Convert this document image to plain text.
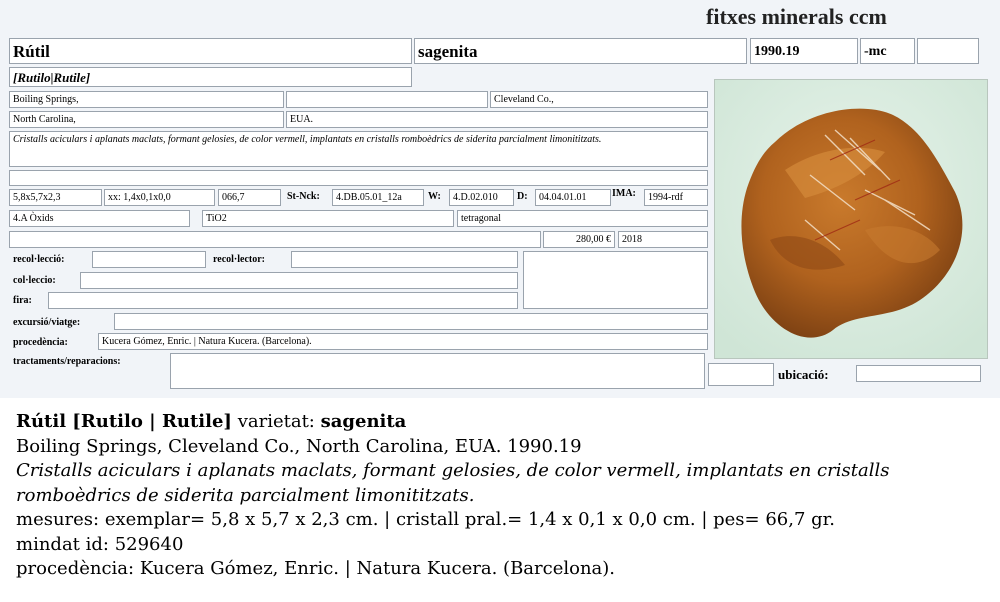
fitxes minerals ccm
Rútil	sagenita	1990.19	-mc
[Rutilo|Rutile]
Boiling Springs,	Cleveland Co.,
North Carolina,	EUA.
Cristalls aciculars i aplanats maclats, formant gelosies, de color vermell, implantats en cristalls romboèdrics de siderita parcialment limonititzats.
5,8x5,7x2,3	xx: 1,4x0,1x0,0	066,7	St-Nck:	4.DB.05.01_12a	W:	4.D.02.010	D:	04.04.01.01	IMA:	1994-rdf
4.A Òxids	TiO2	tetragonal
280,00 €	2018
recol·lecció:	recol·lector:
col·leccio:
fira:
excursió/viatge:
procedència:	Kucera Gómez, Enric. | Natura Kucera. (Barcelona).
tractaments/reparacions:
ubicació:
Rútil [Rutilo | Rutile] varietat: sagenita
Boiling Springs, Cleveland Co., North Carolina, EUA. 1990.19
Cristalls aciculars i aplanats maclats, formant gelosies, de color vermell, implantats en cristalls
romboèdrics de siderita parcialment limonititzats.
mesures: exemplar= 5,8 x 5,7 x 2,3 cm. | cristall pral.= 1,4 x 0,1 x 0,0 cm. | pes= 66,7 gr.
mindat id: 529640
procedència: Kucera Gómez, Enric. | Natura Kucera. (Barcelona).
